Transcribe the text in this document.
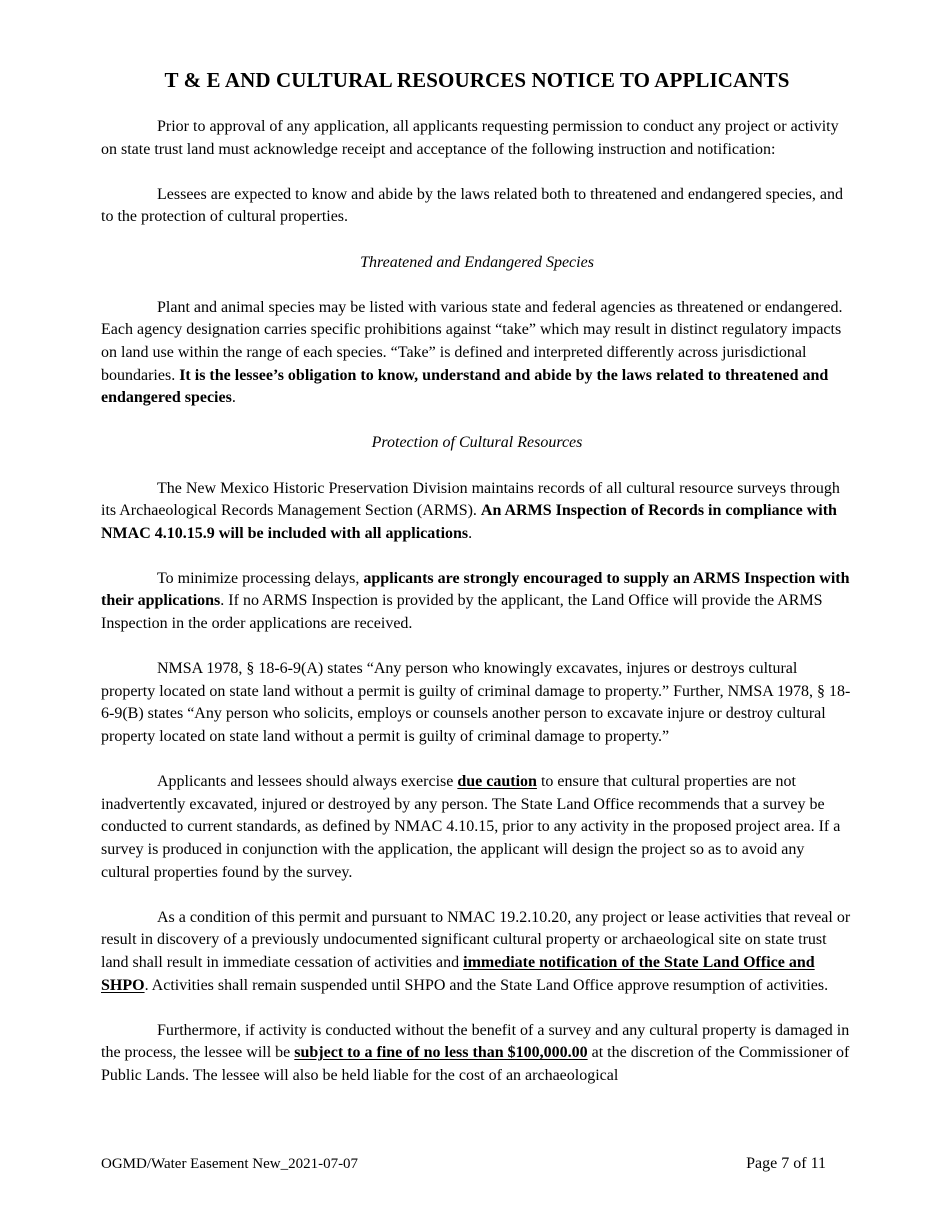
T & E AND CULTURAL RESOURCES NOTICE TO APPLICANTS

Prior to approval of any application, all applicants requesting permission to conduct any project or activity on state trust land must acknowledge receipt and acceptance of the following instruction and notification:

Lessees are expected to know and abide by the laws related both to threatened and endangered species, and to the protection of cultural properties.

Threatened and Endangered Species

Plant and animal species may be listed with various state and federal agencies as threatened or endangered. Each agency designation carries specific prohibitions against “take” which may result in distinct regulatory impacts on land use within the range of each species. “Take” is defined and interpreted differently across jurisdictional boundaries. It is the lessee’s obligation to know, understand and abide by the laws related to threatened and endangered species.

Protection of Cultural Resources

The New Mexico Historic Preservation Division maintains records of all cultural resource surveys through its Archaeological Records Management Section (ARMS). An ARMS Inspection of Records in compliance with NMAC 4.10.15.9 will be included with all applications.

To minimize processing delays, applicants are strongly encouraged to supply an ARMS Inspection with their applications. If no ARMS Inspection is provided by the applicant, the Land Office will provide the ARMS Inspection in the order applications are received.

NMSA 1978, § 18-6-9(A) states “Any person who knowingly excavates, injures or destroys cultural property located on state land without a permit is guilty of criminal damage to property.” Further, NMSA 1978, § 18-6-9(B) states “Any person who solicits, employs or counsels another person to excavate injure or destroy cultural property located on state land without a permit is guilty of criminal damage to property.”

Applicants and lessees should always exercise due caution to ensure that cultural properties are not inadvertently excavated, injured or destroyed by any person. The State Land Office recommends that a survey be conducted to current standards, as defined by NMAC 4.10.15, prior to any activity in the proposed project area. If a survey is produced in conjunction with the application, the applicant will design the project so as to avoid any cultural properties found by the survey.

As a condition of this permit and pursuant to NMAC 19.2.10.20, any project or lease activities that reveal or result in discovery of a previously undocumented significant cultural property or archaeological site on state trust land shall result in immediate cessation of activities and immediate notification of the State Land Office and SHPO. Activities shall remain suspended until SHPO and the State Land Office approve resumption of activities.

Furthermore, if activity is conducted without the benefit of a survey and any cultural property is damaged in the process, the lessee will be subject to a fine of no less than $100,000.00 at the discretion of the Commissioner of Public Lands. The lessee will also be held liable for the cost of an archaeological

OGMD/Water Easement New_2021-07-07	Page 7 of 11
